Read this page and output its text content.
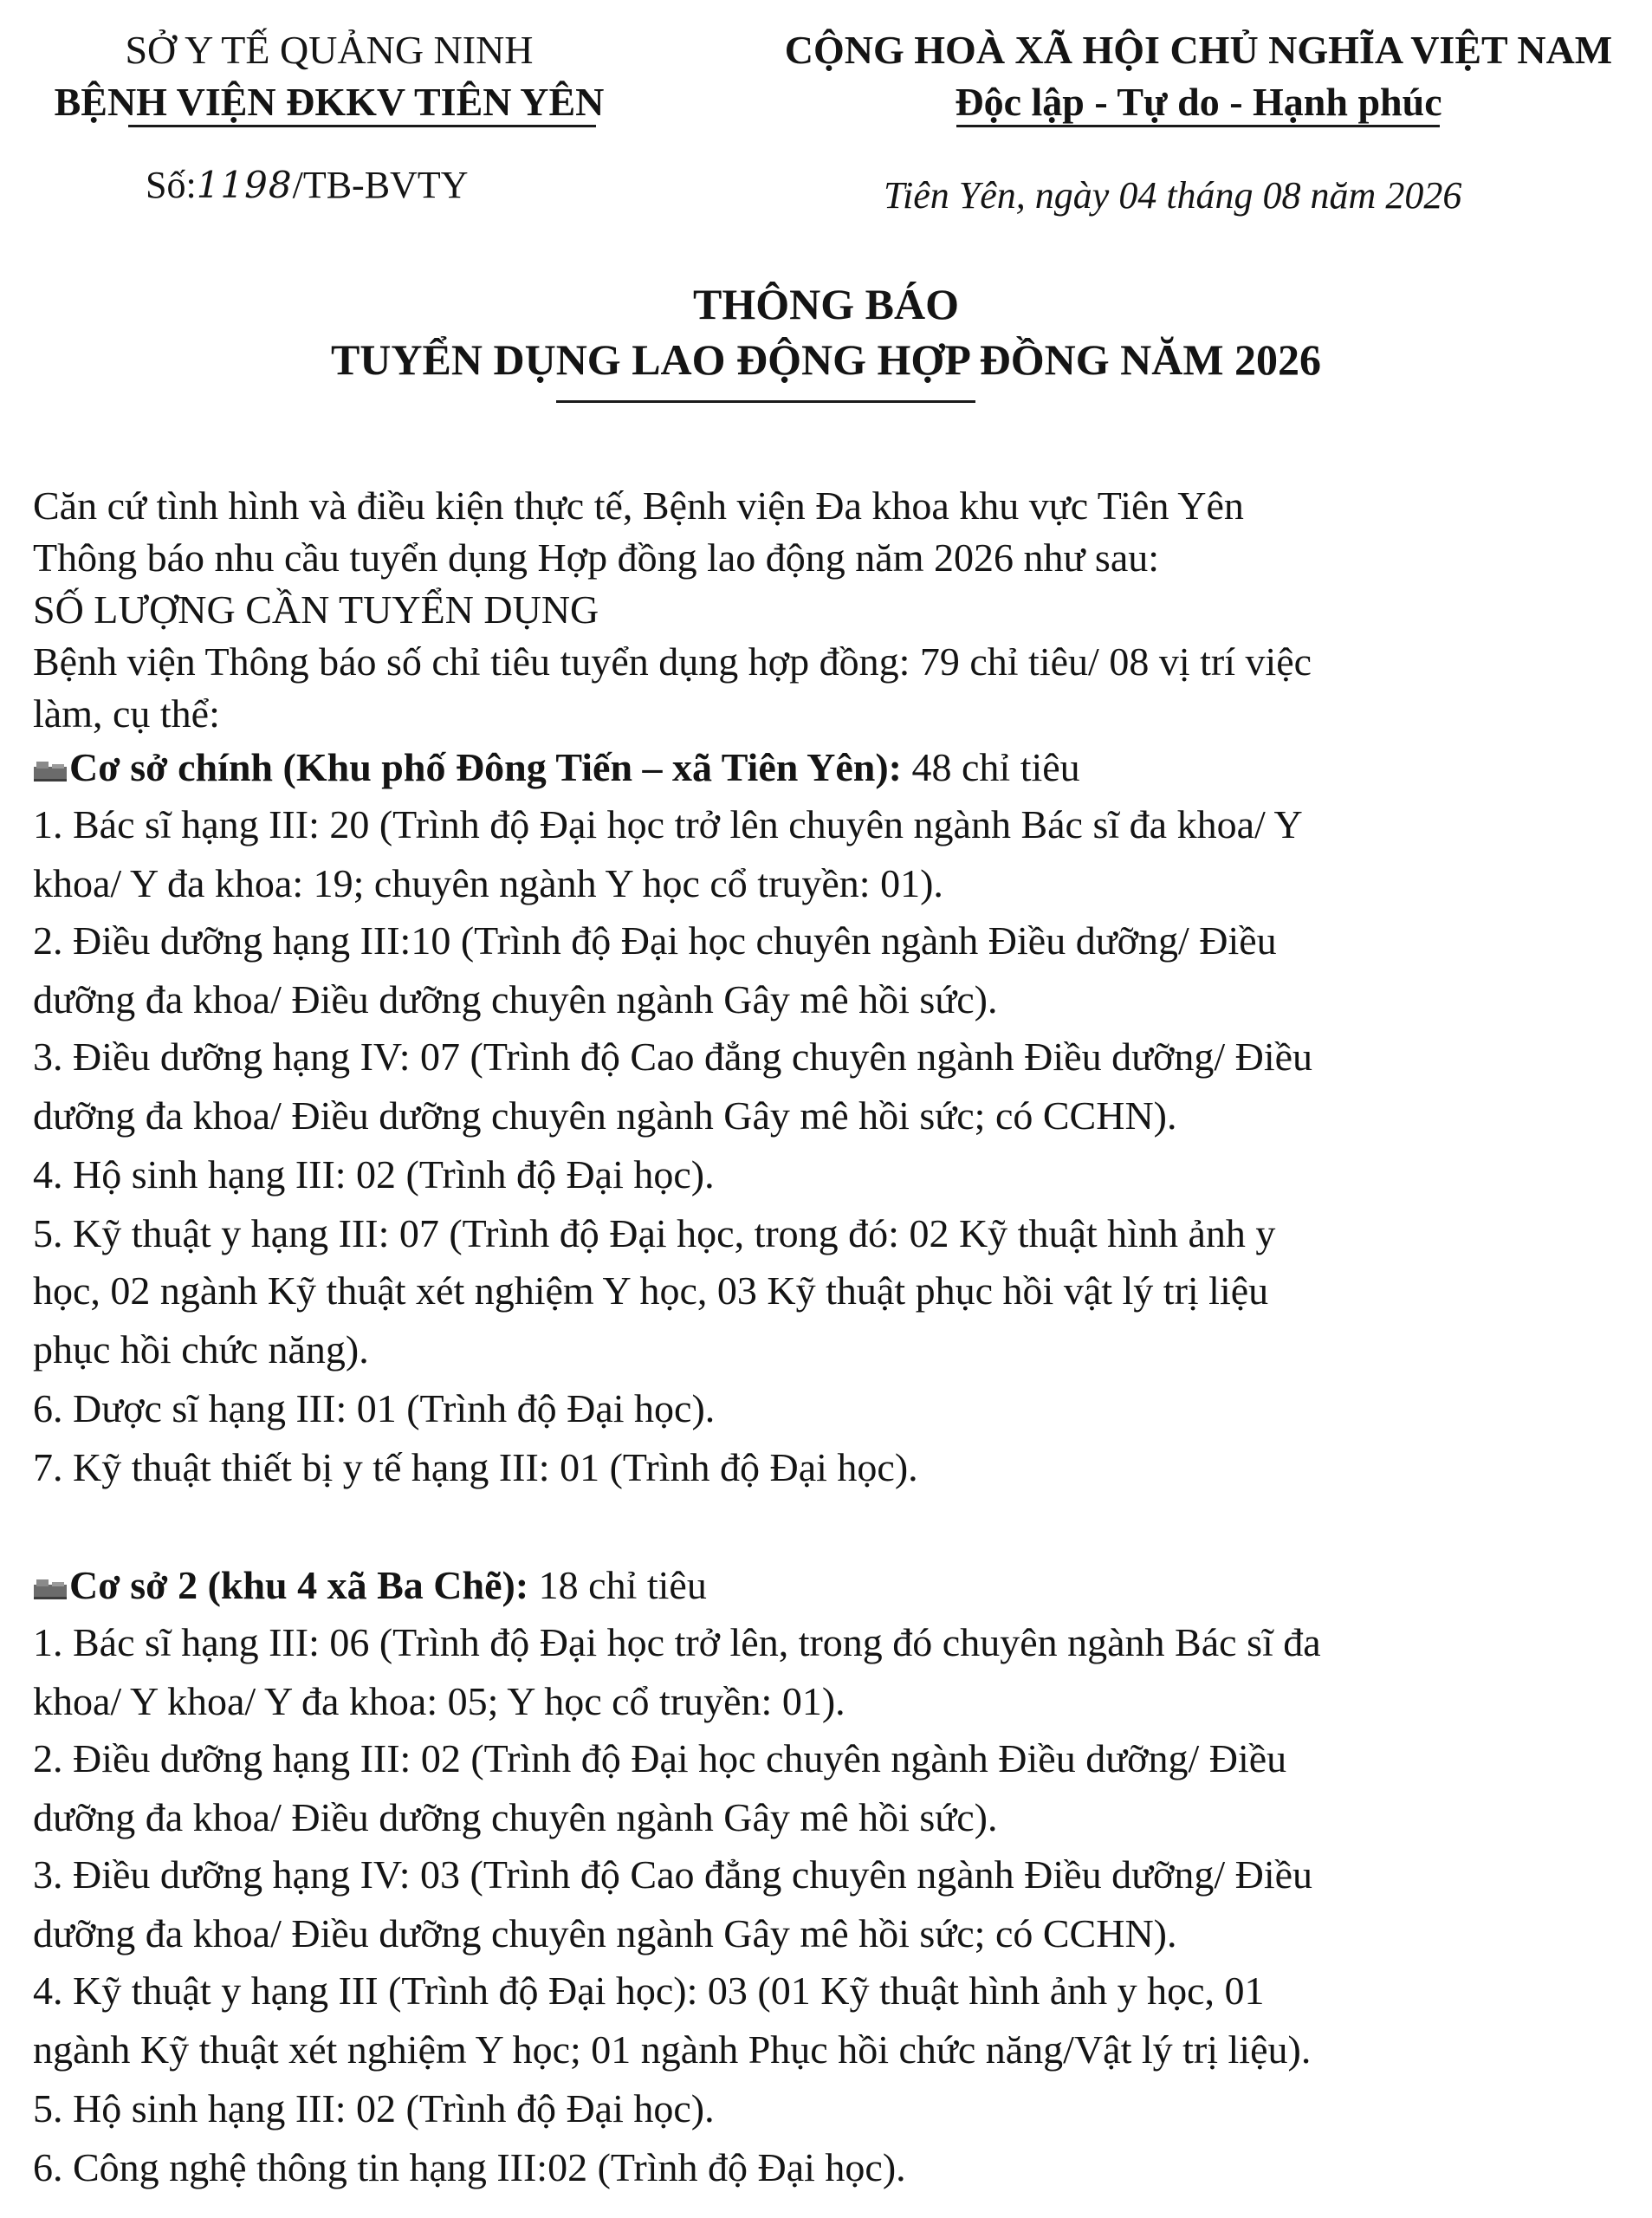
SỞ Y TẾ QUẢNG NINH
BỆNH VIỆN ĐKKV TIÊN YÊN
CỘNG HOÀ XÃ HỘI CHỦ NGHĨA VIỆT NAM
Độc lập - Tự do - Hạnh phúc
Số:1198/TB-BVTY	Tiên Yên, ngày 04 tháng 08 năm 2026
THÔNG BÁO
TUYỂN DỤNG LAO ĐỘNG HỢP ĐỒNG NĂM 2026
Căn cứ tình hình và điều kiện thực tế, Bệnh viện Đa khoa khu vực Tiên Yên
Thông báo nhu cầu tuyển dụng Hợp đồng lao động năm 2026 như sau:
SỐ LƯỢNG CẦN TUYỂN DỤNG
Bệnh viện Thông báo số chỉ tiêu tuyển dụng hợp đồng: 79 chỉ tiêu/ 08 vị trí việc
làm, cụ thể:
Cơ sở chính (Khu phố Đông Tiến – xã Tiên Yên): 48 chỉ tiêu
1. Bác sĩ hạng III: 20 (Trình độ Đại học trở lên chuyên ngành Bác sĩ đa khoa/ Y
khoa/ Y đa khoa: 19; chuyên ngành Y học cổ truyền: 01).
2. Điều dưỡng hạng III:10 (Trình độ Đại học chuyên ngành Điều dưỡng/ Điều
dưỡng đa khoa/ Điều dưỡng chuyên ngành Gây mê hồi sức).
3. Điều dưỡng hạng IV: 07 (Trình độ Cao đẳng chuyên ngành Điều dưỡng/ Điều
dưỡng đa khoa/ Điều dưỡng chuyên ngành Gây mê hồi sức; có CCHN).
4. Hộ sinh hạng III: 02 (Trình độ Đại học).
5. Kỹ thuật y hạng III: 07 (Trình độ Đại học, trong đó: 02 Kỹ thuật hình ảnh y
học, 02 ngành Kỹ thuật xét nghiệm Y học, 03 Kỹ thuật phục hồi vật lý trị liệu
phục hồi chức năng).
6. Dược sĩ hạng III: 01 (Trình độ Đại học).
7. Kỹ thuật thiết bị y tế hạng III: 01 (Trình độ Đại học).
Cơ sở 2 (khu 4 xã Ba Chẽ): 18 chỉ tiêu
1. Bác sĩ hạng III: 06 (Trình độ Đại học trở lên, trong đó chuyên ngành Bác sĩ đa
khoa/ Y khoa/ Y đa khoa: 05; Y học cổ truyền: 01).
2. Điều dưỡng hạng III: 02 (Trình độ Đại học chuyên ngành Điều dưỡng/ Điều
dưỡng đa khoa/ Điều dưỡng chuyên ngành Gây mê hồi sức).
3. Điều dưỡng hạng IV: 03 (Trình độ Cao đẳng chuyên ngành Điều dưỡng/ Điều
dưỡng đa khoa/ Điều dưỡng chuyên ngành Gây mê hồi sức; có CCHN).
4. Kỹ thuật y hạng III (Trình độ Đại học): 03 (01 Kỹ thuật hình ảnh y học, 01
ngành Kỹ thuật xét nghiệm Y học; 01 ngành Phục hồi chức năng/Vật lý trị liệu).
5. Hộ sinh hạng III: 02 (Trình độ Đại học).
6. Công nghệ thông tin hạng III:02 (Trình độ Đại học).
